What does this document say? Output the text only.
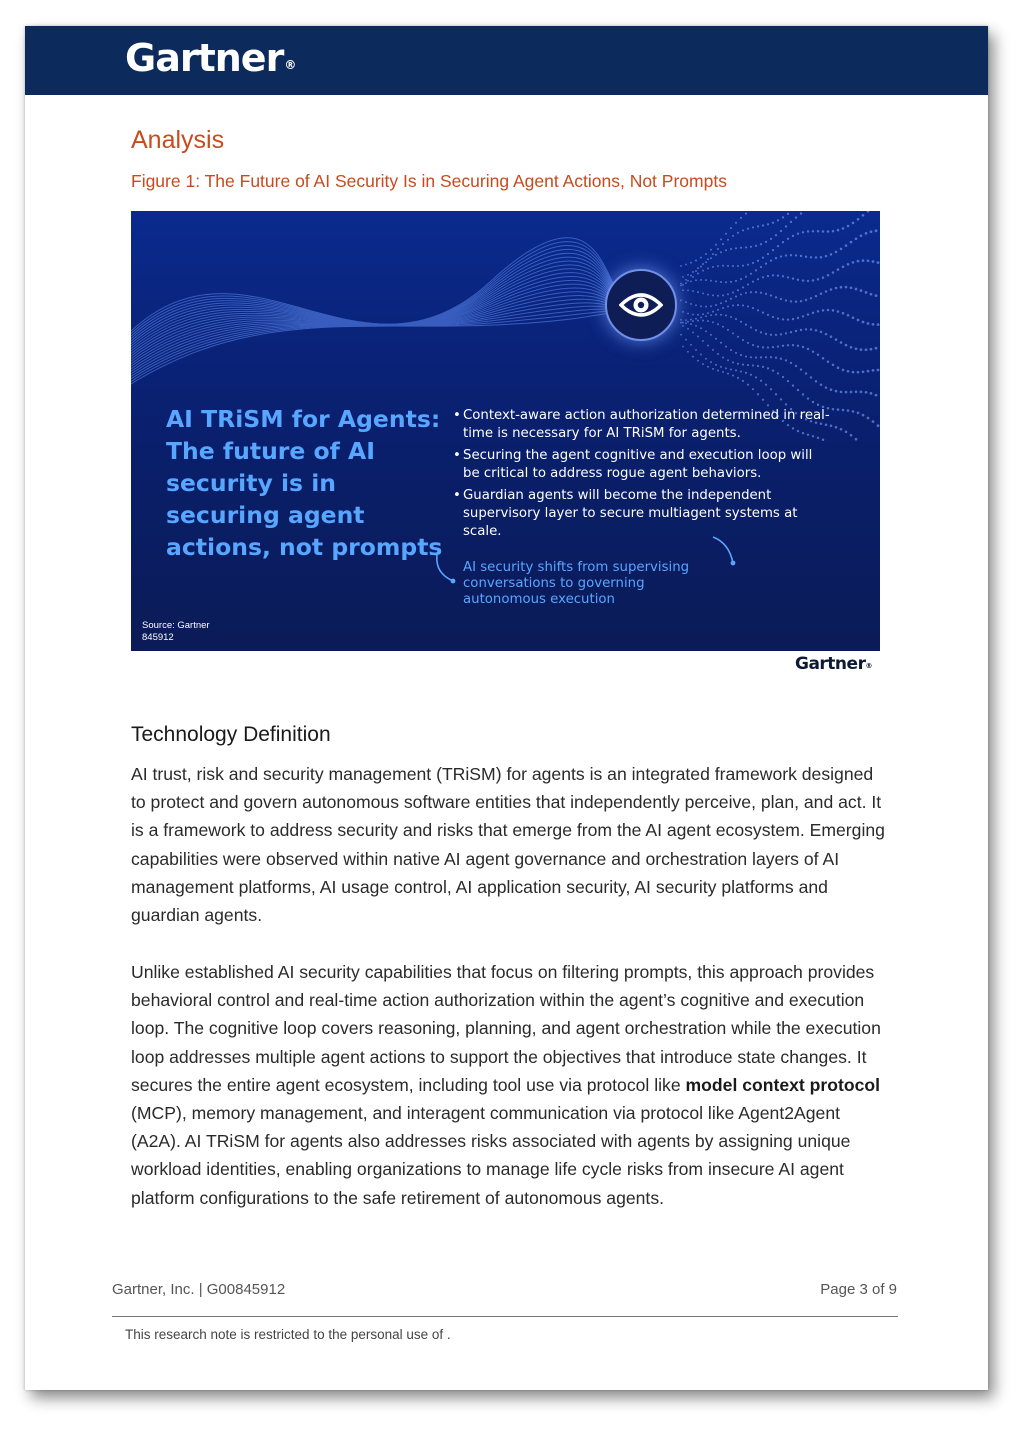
Gartner®
Analysis
Figure 1: The Future of AI Security Is in Securing Agent Actions, Not Prompts
AI TRiSM for Agents: The future of AI security is in securing agent actions, not prompts
• Context-aware action authorization determined in real-time is necessary for AI TRiSM for agents.
• Securing the agent cognitive and execution loop will be critical to address rogue agent behaviors.
• Guardian agents will become the independent supervisory layer to secure multiagent systems at scale.
AI security shifts from supervising conversations to governing autonomous execution
Source: Gartner
845912
Gartner®
Technology Definition

AI trust, risk and security management (TRiSM) for agents is an integrated framework designed to protect and govern autonomous software entities that independently perceive, plan, and act. It is a framework to address security and risks that emerge from the AI agent ecosystem. Emerging capabilities were observed within native AI agent governance and orchestration layers of AI management platforms, AI usage control, AI application security, AI security platforms and guardian agents.

Unlike established AI security capabilities that focus on filtering prompts, this approach provides behavioral control and real-time action authorization within the agent’s cognitive and execution loop. The cognitive loop covers reasoning, planning, and agent orchestration while the execution loop addresses multiple agent actions to support the objectives that introduce state changes. It secures the entire agent ecosystem, including tool use via protocol like model context protocol (MCP), memory management, and interagent communication via protocol like Agent2Agent (A2A). AI TRiSM for agents also addresses risks associated with agents by assigning unique workload identities, enabling organizations to manage life cycle risks from insecure AI agent platform configurations to the safe retirement of autonomous agents.

Gartner, Inc. | G00845912	Page 3 of 9
This research note is restricted to the personal use of .
